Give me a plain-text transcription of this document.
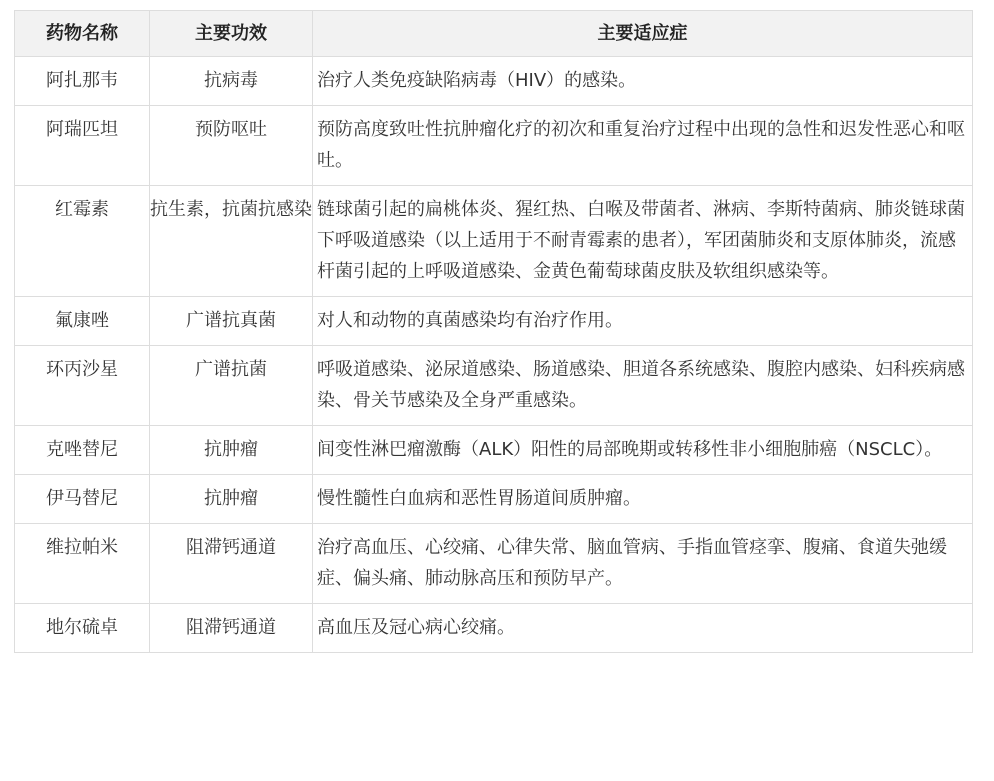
药物名称	主要功效	主要适应症
阿扎那韦	抗病毒	治疗人类免疫缺陷病毒（HIV）的感染。
阿瑞匹坦	预防呕吐	预防高度致吐性抗肿瘤化疗的初次和重复治疗过程中出现的急性和迟发性恶心和呕吐。
红霉素	抗生素，抗菌抗感染	链球菌引起的扁桃体炎、猩红热、白喉及带菌者、淋病、李斯特菌病、肺炎链球菌下呼吸道感染（以上适用于不耐青霉素的患者），军团菌肺炎和支原体肺炎，流感杆菌引起的上呼吸道感染、金黄色葡萄球菌皮肤及软组织感染等。
氟康唑	广谱抗真菌	对人和动物的真菌感染均有治疗作用。
环丙沙星	广谱抗菌	呼吸道感染、泌尿道感染、肠道感染、胆道各系统感染、腹腔内感染、妇科疾病感染、骨关节感染及全身严重感染。
克唑替尼	抗肿瘤	间变性淋巴瘤激酶（ALK）阳性的局部晚期或转移性非小细胞肺癌（NSCLC）。
伊马替尼	抗肿瘤	慢性髓性白血病和恶性胃肠道间质肿瘤。
维拉帕米	阻滞钙通道	治疗高血压、心绞痛、心律失常、脑血管病、手指血管痉挛、腹痛、食道失弛缓症、偏头痛、肺动脉高压和预防早产。
地尔硫卓	阻滞钙通道	高血压及冠心病心绞痛。
